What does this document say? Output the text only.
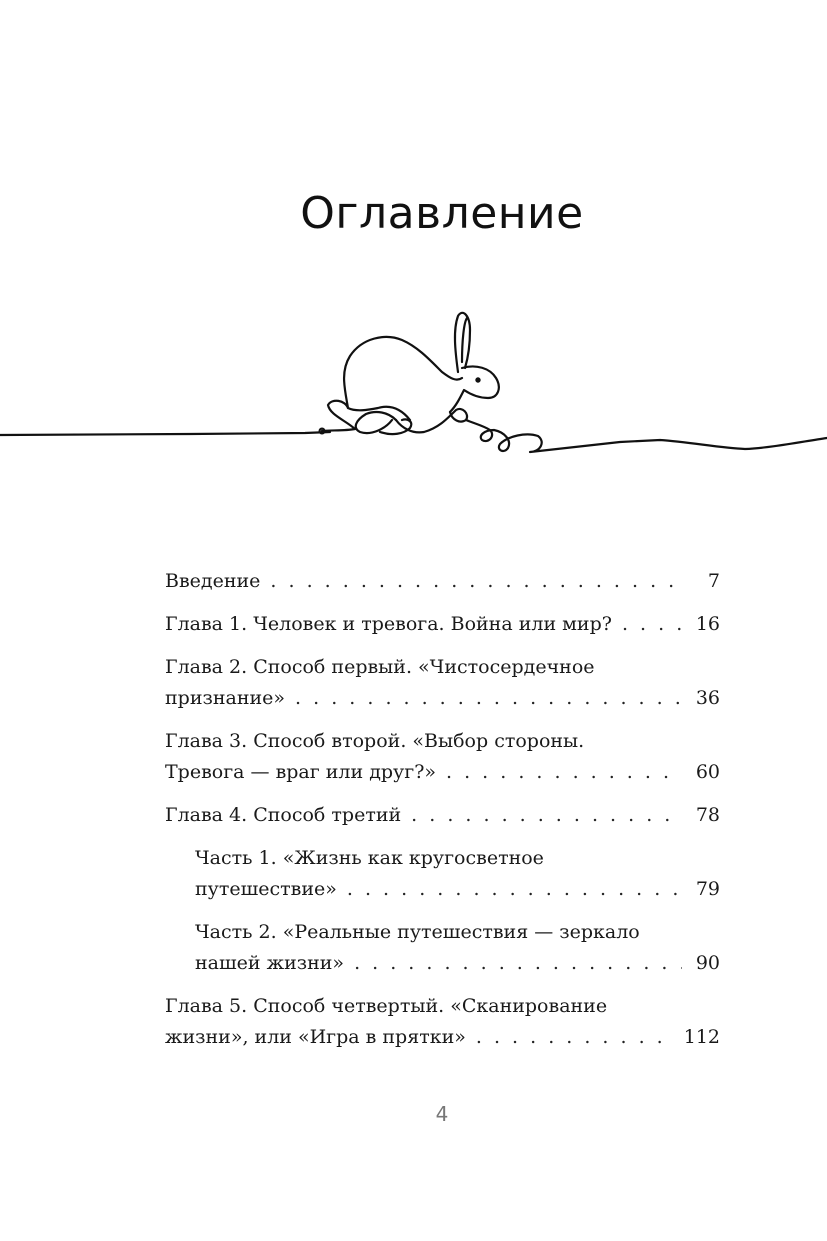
Оглавление
Введение . . .	7
Глава 1. Человек и тревога. Война или мир? . . .	16
Глава 2. Способ первый. «Чистосердечное
признание» . . .	36
Глава 3. Способ второй. «Выбор стороны.
Тревога — враг или друг?» . . .	60
Глава 4. Способ третий . . .	78
Часть 1. «Жизнь как кругосветное
путешествие» . . .	79
Часть 2. «Реальные путешествия — зеркало
нашей жизни» . . .	90
Глава 5. Способ четвертый. «Сканирование
жизни», или «Игра в прятки» . . .	112
4
